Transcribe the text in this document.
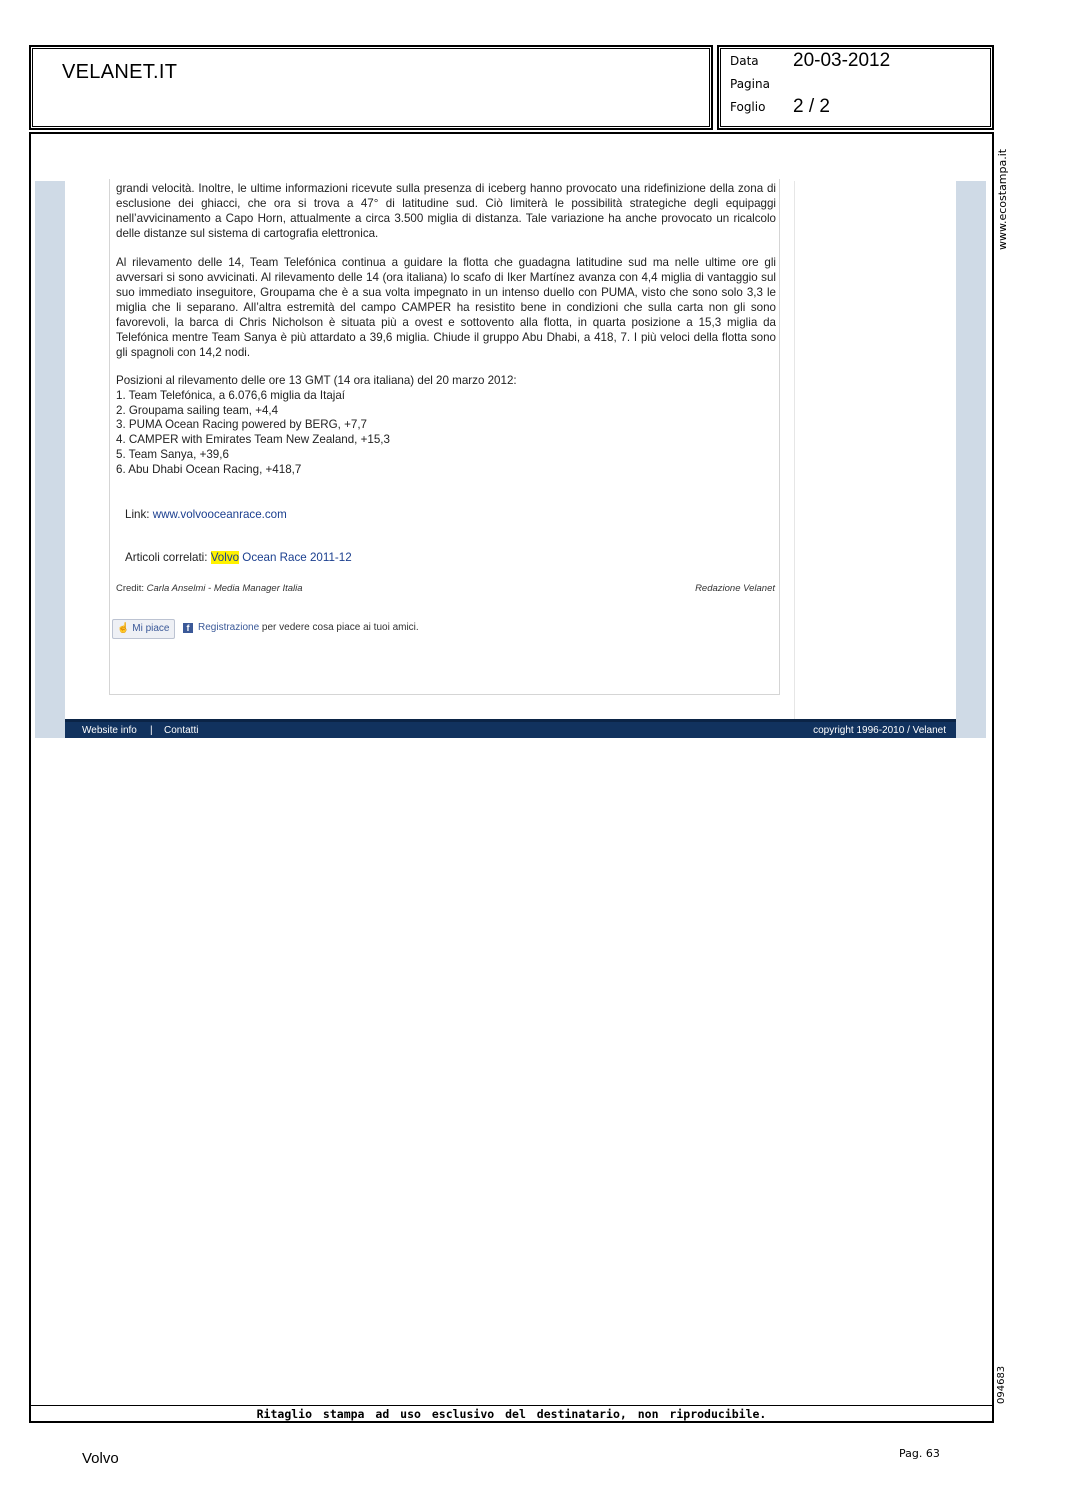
VELANET.IT	Data 20-03-2012
Pagina
Foglio 2 / 2
www.ecostampa.it
094683
Ritaglio stampa ad uso esclusivo del destinatario, non riproducibile.
grandi velocità. Inoltre, le ultime informazioni ricevute sulla presenza di iceberg hanno provocato una ridefinizione della zona di esclusione dei ghiacci, che ora si trova a 47° di latitudine sud. Ciò limiterà le possibilità strategiche degli equipaggi nell’avvicinamento a Capo Horn, attualmente a circa 3.500 miglia di distanza. Tale variazione ha anche provocato un ricalcolo delle distanze sul sistema di cartografia elettronica.
Al rilevamento delle 14, Team Telefónica continua a guidare la flotta che guadagna latitudine sud ma nelle ultime ore gli avversari si sono avvicinati. Al rilevamento delle 14 (ora italiana) lo scafo di Iker Martínez avanza con 4,4 miglia di vantaggio sul suo immediato inseguitore, Groupama che è a sua volta impegnato in un intenso duello con PUMA, visto che sono solo 3,3 le miglia che li separano. All’altra estremità del campo CAMPER ha resistito bene in condizioni che sulla carta non gli sono favorevoli, la barca di Chris Nicholson è situata più a ovest e sottovento alla flotta, in quarta posizione a 15,3 miglia da Telefónica mentre Team Sanya è più attardato a 39,6 miglia. Chiude il gruppo Abu Dhabi, a 418, 7. I più veloci della flotta sono gli spagnoli con 14,2 nodi.
Posizioni al rilevamento delle ore 13 GMT (14 ora italiana) del 20 marzo 2012:
1. Team Telefónica, a 6.076,6 miglia da Itajaí
2. Groupama sailing team, +4,4
3. PUMA Ocean Racing powered by BERG, +7,7
4. CAMPER with Emirates Team New Zealand, +15,3
5. Team Sanya, +39,6
6. Abu Dhabi Ocean Racing, +418,7
Link: www.volvooceanrace.com
Articoli correlati: Volvo Ocean Race 2011-12
Credit: Carla Anselmi - Media Manager Italia	Redazione Velanet
☝ Mi piace	f Registrazione per vedere cosa piace ai tuoi amici.
Website info | Contatti	copyright 1996-2010 / Velanet
Volvo	Pag. 63
